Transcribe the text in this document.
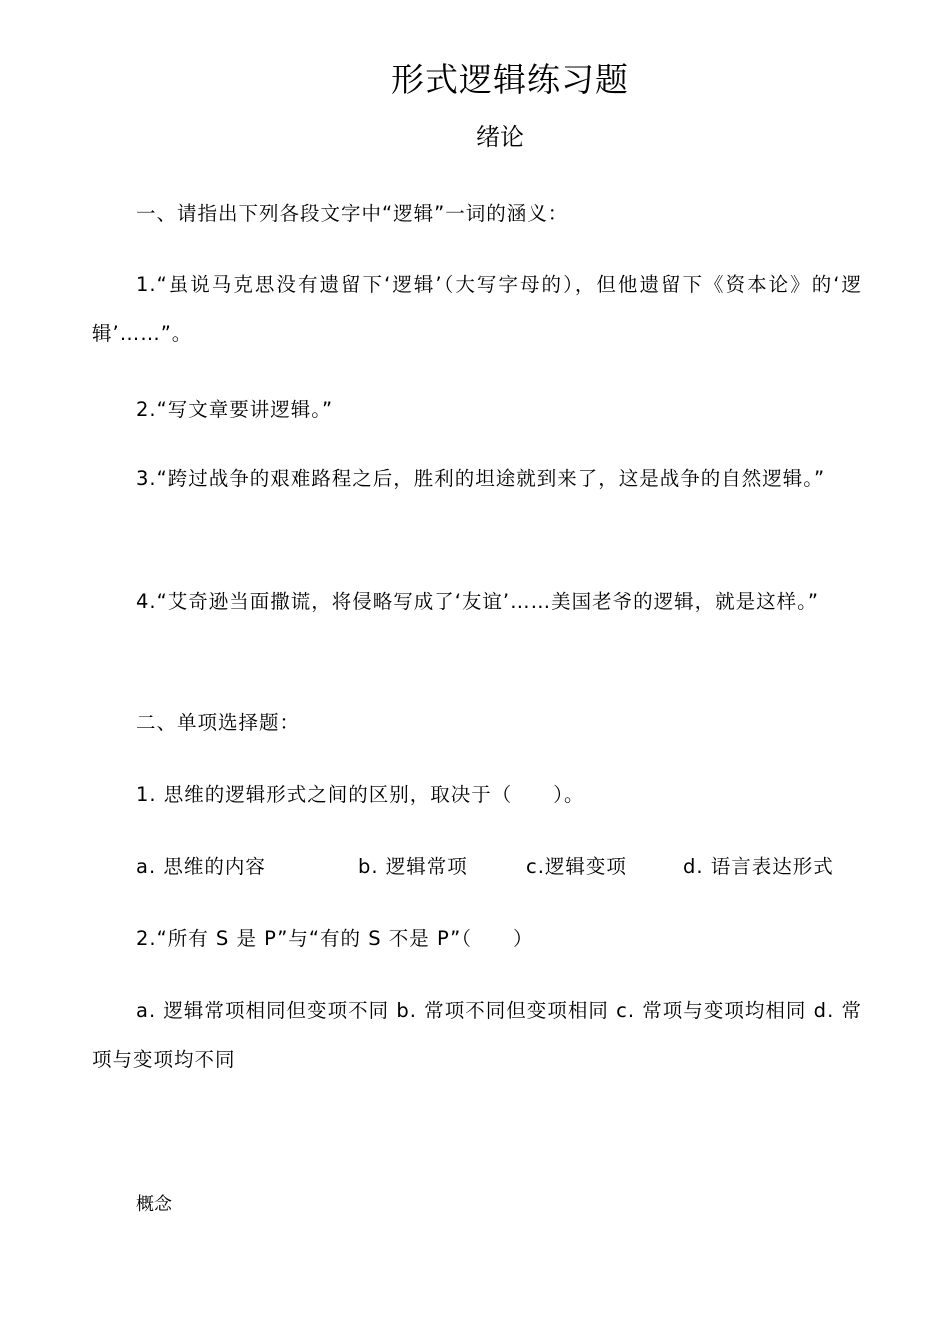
形式逻辑练习题
绪论
一、请指出下列各段文字中“逻辑”一词的涵义：
1.“虽说马克思没有遗留下‘逻辑’（大写字母的），但他遗留下《资本论》的‘逻辑’……”。
2.“写文章要讲逻辑。”
3.“跨过战争的艰难路程之后，胜利的坦途就到来了，这是战争的自然逻辑。”
4.“艾奇逊当面撒谎，将侵略写成了‘友谊’……美国老爷的逻辑，就是这样。”
二、单项选择题：
1. 思维的逻辑形式之间的区别，取决于（　　）。
a. 思维的内容	b. 逻辑常项	c.逻辑变项	d. 语言表达形式
2.“所有 S 是 P”与“有的 S 不是 P”（　　）
a. 逻辑常项相同但变项不同 b. 常项不同但变项相同 c. 常项与变项均相同 d. 常项与变项均不同
概念
